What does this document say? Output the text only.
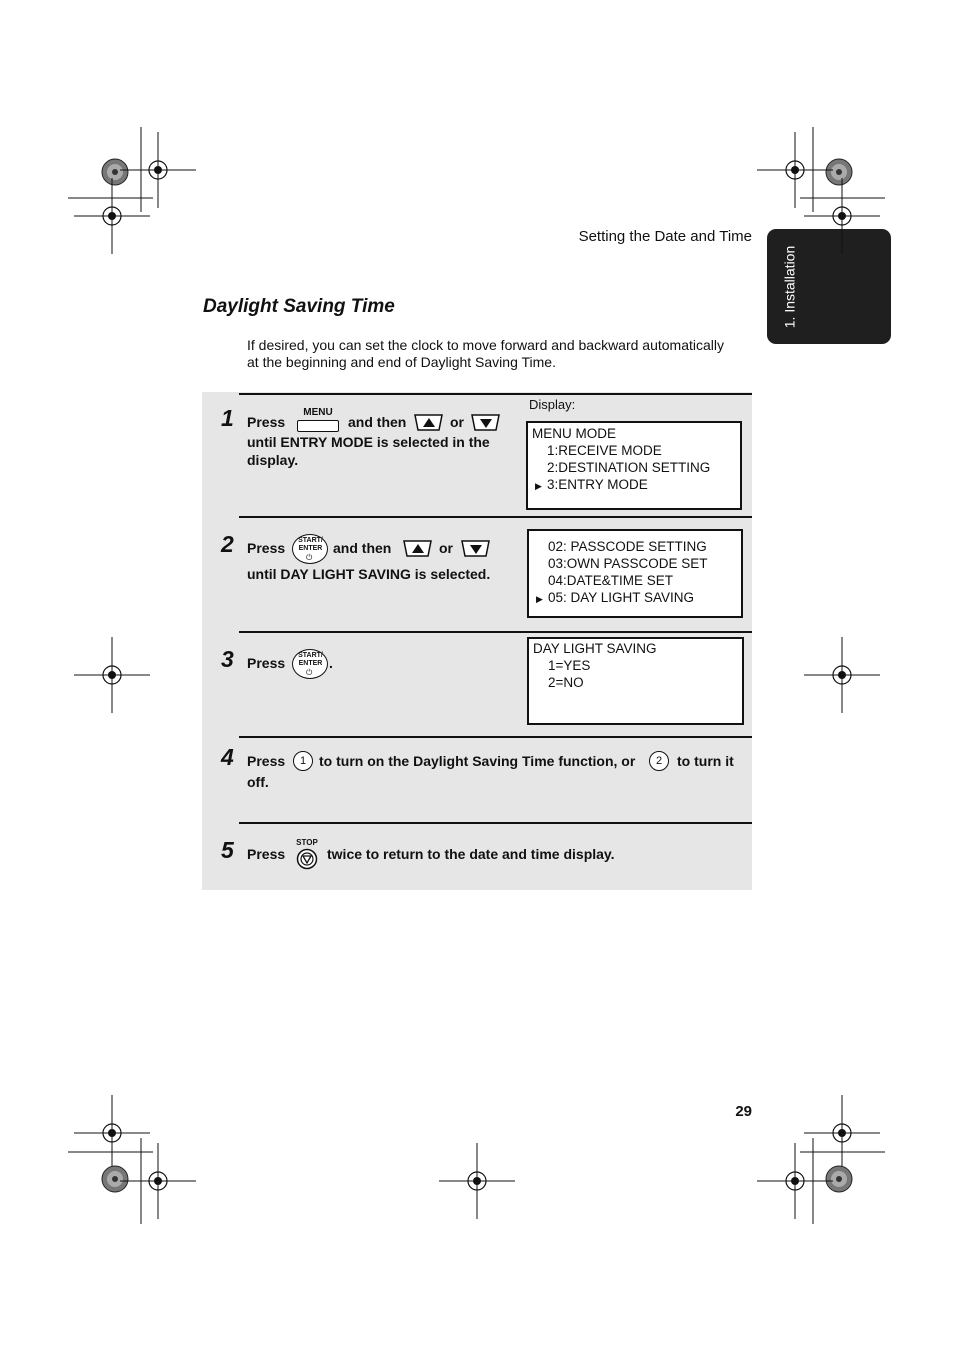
Setting the Date and Time
1. Installation
Daylight Saving Time
If desired, you can set the clock to move forward and backward automatically
at the beginning and end of Daylight Saving Time.
Display:
1 Press
MENU
and then	or
until ENTRY MODE is selected in the
display.
MENU MODE
1:RECEIVE MODE
2:DESTINATION SETTING
▶ 3:ENTRY MODE
2 Press	START/
ENTER
⏻
and then	or
until DAY LIGHT SAVING is selected.
02: PASSCODE SETTING
03:OWN PASSCODE SET
04:DATE&TIME SET
▶ 05: DAY LIGHT SAVING
3 Press	START/
ENTER
⏻
.
DAY LIGHT SAVING
1=YES
2=NO
4 Press	1 to turn on the Daylight Saving Time function, or	2	to turn it
off.
5 Press
STOP
twice to return to the date and time display.
29
